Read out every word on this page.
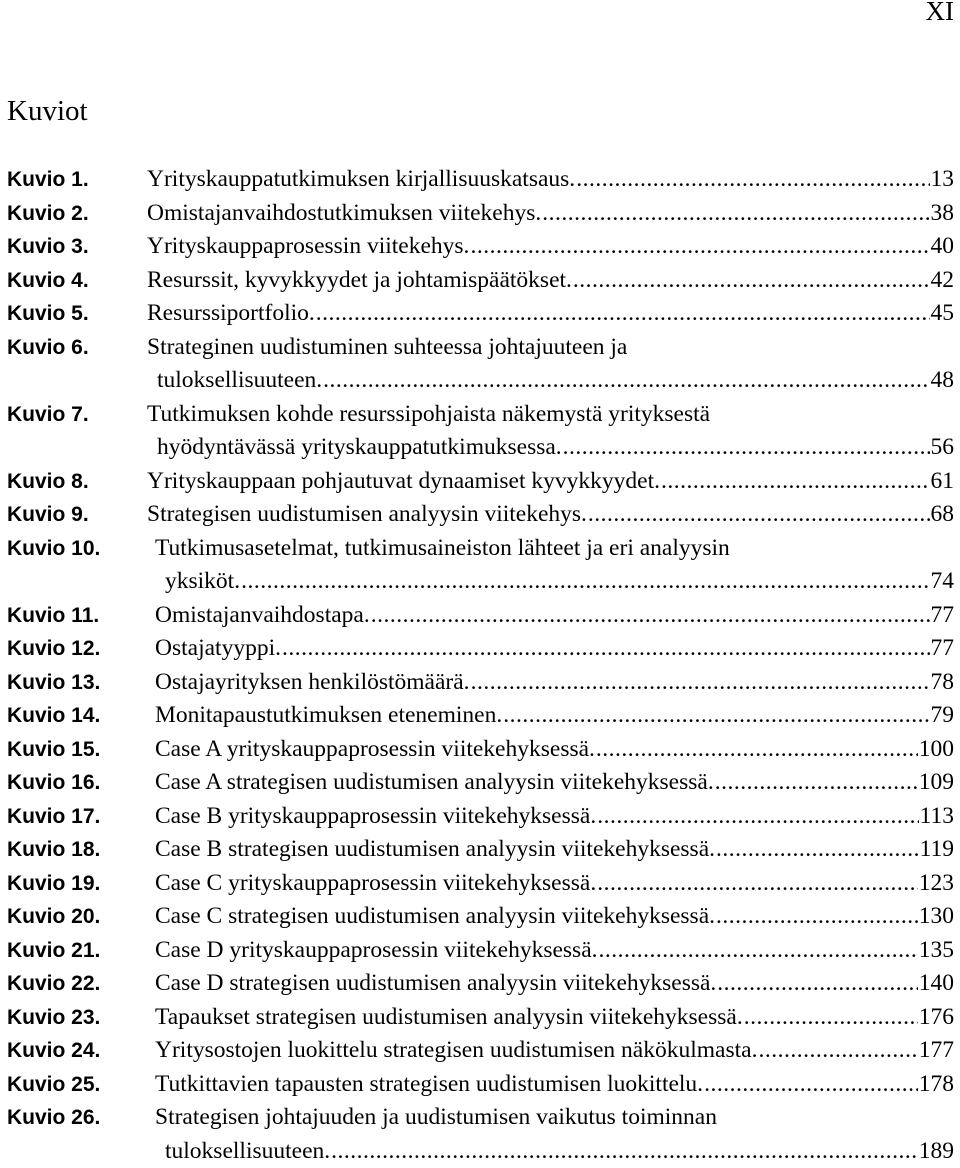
XI
Kuviot
Kuvio 1.	Yrityskauppatutkimuksen kirjallisuuskatsaus. .....	13
Kuvio 2.	Omistajanvaihdostutkimuksen viitekehys. .....	38
Kuvio 3.	Yrityskauppaprosessin viitekehys. .....	40
Kuvio 4.	Resurssit, kyvykkyydet ja johtamispäätökset. .....	42
Kuvio 5.	Resurssiportfolio. .....	45
Kuvio 6.	Strateginen uudistuminen suhteessa johtajuuteen ja
tuloksellisuuteen. .....	48
Kuvio 7.	Tutkimuksen kohde resurssipohjaista näkemystä yrityksestä
hyödyntävässä yrityskauppatutkimuksessa. .....	56
Kuvio 8.	Yrityskauppaan pohjautuvat dynaamiset kyvykkyydet. .....	61
Kuvio 9.	Strategisen uudistumisen analyysin viitekehys. .....	68
Kuvio 10.	Tutkimusasetelmat, tutkimusaineiston lähteet ja eri analyysin
yksiköt. .....	74
Kuvio 11.	Omistajanvaihdostapa. .....	77
Kuvio 12.	Ostajatyyppi. .....	77
Kuvio 13.	Ostajayrityksen henkilöstömäärä. .....	78
Kuvio 14.	Monitapaustutkimuksen eteneminen. .....	79
Kuvio 15.	Case A yrityskauppaprosessin viitekehyksessä. .....	100
Kuvio 16.	Case A strategisen uudistumisen analyysin viitekehyksessä. .....	109
Kuvio 17.	Case B yrityskauppaprosessin viitekehyksessä. .....	113
Kuvio 18.	Case B strategisen uudistumisen analyysin viitekehyksessä. .....	119
Kuvio 19.	Case C yrityskauppaprosessin viitekehyksessä. .....	123
Kuvio 20.	Case C strategisen uudistumisen analyysin viitekehyksessä. .....	130
Kuvio 21.	Case D yrityskauppaprosessin viitekehyksessä. .....	135
Kuvio 22.	Case D strategisen uudistumisen analyysin viitekehyksessä. .....	140
Kuvio 23.	Tapaukset strategisen uudistumisen analyysin viitekehyksessä. .....	176
Kuvio 24.	Yritysostojen luokittelu strategisen uudistumisen näkökulmasta. .....	177
Kuvio 25.	Tutkittavien tapausten strategisen uudistumisen luokittelu. .....	178
Kuvio 26.	Strategisen johtajuuden ja uudistumisen vaikutus toiminnan
tuloksellisuuteen. .....	189
